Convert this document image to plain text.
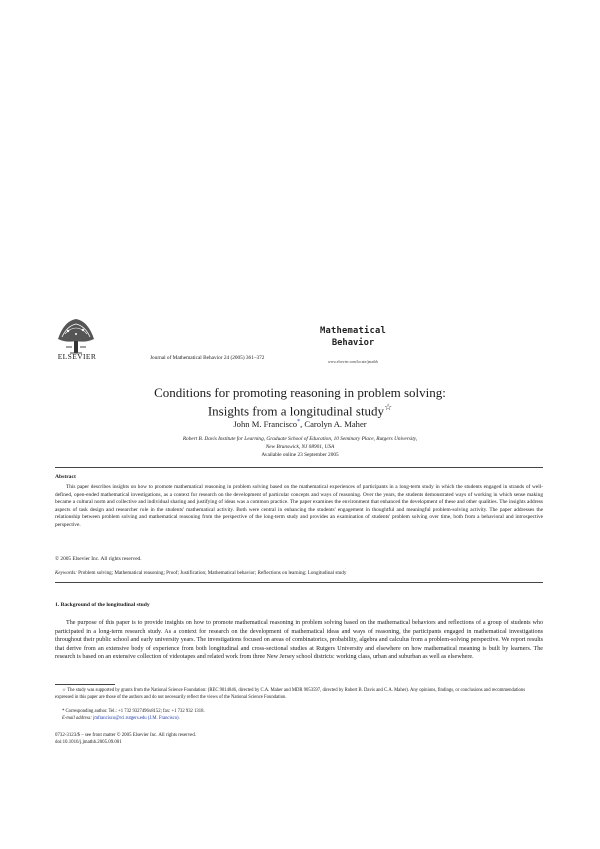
ELSEVIER	Journal of Mathematical Behavior 24 (2005) 361–372
Mathematical
Behavior
www.elsevier.com/locate/jmathb
Conditions for promoting reasoning in problem solving:
Insights from a longitudinal study☆
John M. Francisco*, Carolyn A. Maher
Robert B. Davis Institute for Learning, Graduate School of Education, 10 Seminary Place, Rutgers University,
New Brunswick, NJ 08901, USA
Available online 23 September 2005
Abstract
This paper describes insights on how to promote mathematical reasoning in problem solving based on the mathematical experiences of participants in a long-term study in which the students engaged in strands of well-defined, open-ended mathematical investigations, as a context for research on the development of particular concepts and ways of reasoning. Over the years, the students demonstrated ways of working in which sense making became a cultural norm and collective and individual sharing and justifying of ideas was a common practice. The paper examines the environment that enhanced the development of these and other qualities. The insights address aspects of task design and researcher role in the students' mathematical activity. Both were central in enhancing the students' engagement in thoughtful and meaningful problem-solving activity. The paper addresses the relationship between problem solving and mathematical reasoning from the perspective of the long-term study and provides an examination of students' problem solving over time, both from a behavioral and introspective perspective.
© 2005 Elsevier Inc. All rights reserved.
Keywords: Problem solving; Mathematical reasoning; Proof; Justification; Mathematical behavior; Reflections on learning; Longitudinal study
1. Background of the longitudinal study
The purpose of this paper is to provide insights on how to promote mathematical reasoning in problem solving based on the mathematical behaviors and reflections of a group of students who participated in a long-term research study. As a context for research on the development of mathematical ideas and ways of reasoning, the participants engaged in mathematical investigations throughout their public school and early university years. The investigations focused on areas of combinatorics, probability, algebra and calculus from a problem-solving perspective. We report results that derive from an extensive body of experience from both longitudinal and cross-sectional studies at Rutgers University and elsewhere on how mathematical meaning is built by learners. The research is based on an extensive collection of videotapes and related work from three New Jersey school districts: working class, urban and suburban as well as elsewhere.
☆ The study was supported by grants from the National Science Foundation: (REC 9814846, directed by C.A. Maher and MDR 9053597, directed by Robert B. Davis and C.A. Maher). Any opinions, findings, or conclusions and recommendations expressed in this paper are those of the authors and do not necessarily reflect the views of the National Science Foundation.
* Corresponding author. Tel.: +1 732 9327496x8152; fax: +1 732 932 1318.
E-mail address: jmfrancisco@rci.rutgers.edu (J.M. Francisco).
0732-3123/$ – see front matter © 2005 Elsevier Inc. All rights reserved.
doi:10.1016/j.jmathb.2005.09.001
